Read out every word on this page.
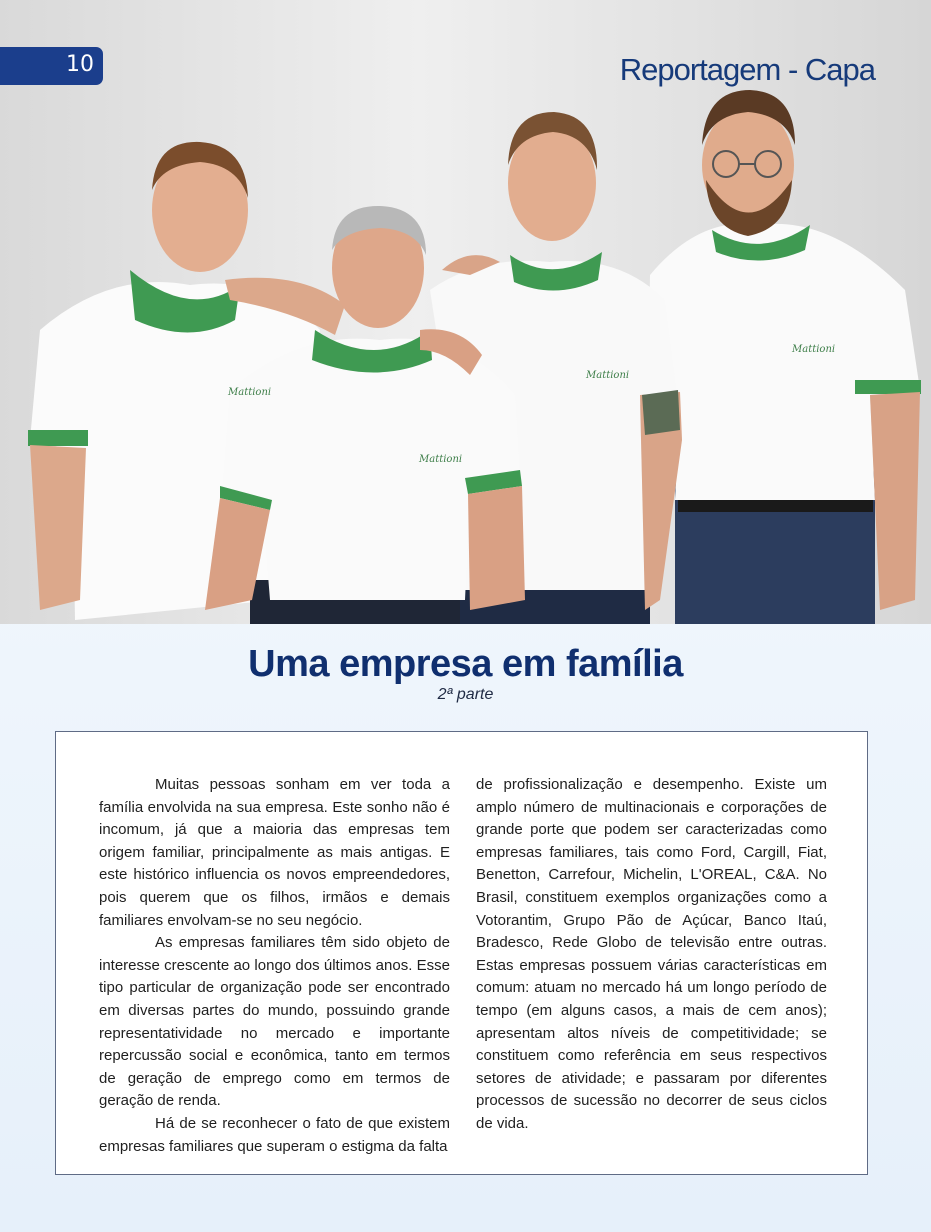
Mattioni
Mattioni
Mattioni
Mattioni
10	Reportagem - Capa
Uma empresa em família
2ª parte

Muitas pessoas sonham em ver toda a família envolvida na sua empresa. Este sonho não é incomum, já que a maioria das empresas tem origem familiar, principalmente as mais antigas. E este histórico influencia os novos empreendedores, pois querem que os filhos, irmãos e demais familiares envolvam-se no seu negócio.

As empresas familiares têm sido objeto de interesse crescente ao longo dos últimos anos. Esse tipo particular de organização pode ser encontrado em diversas partes do mundo, possuindo grande representatividade no mercado e importante repercussão social e econômica, tanto em termos de geração de emprego como em termos de geração de renda.

Há de se reconhecer o fato de que existem empresas familiares que superam o estigma da falta

de profissionalização e desempenho. Existe um amplo número de multinacionais e corporações de grande porte que podem ser caracterizadas como empresas familiares, tais como Ford, Cargill, Fiat, Benetton, Carrefour, Michelin, L'OREAL, C&A. No Brasil, constituem exemplos organizações como a Votorantim, Grupo Pão de Açúcar, Banco Itaú, Bradesco, Rede Globo de televisão entre outras. Estas empresas possuem várias características em comum: atuam no mercado há um longo período de tempo (em alguns casos, a mais de cem anos); apresentam altos níveis de competitividade; se constituem como referência em seus respectivos setores de atividade; e passaram por diferentes processos de sucessão no decorrer de seus ciclos de vida.
